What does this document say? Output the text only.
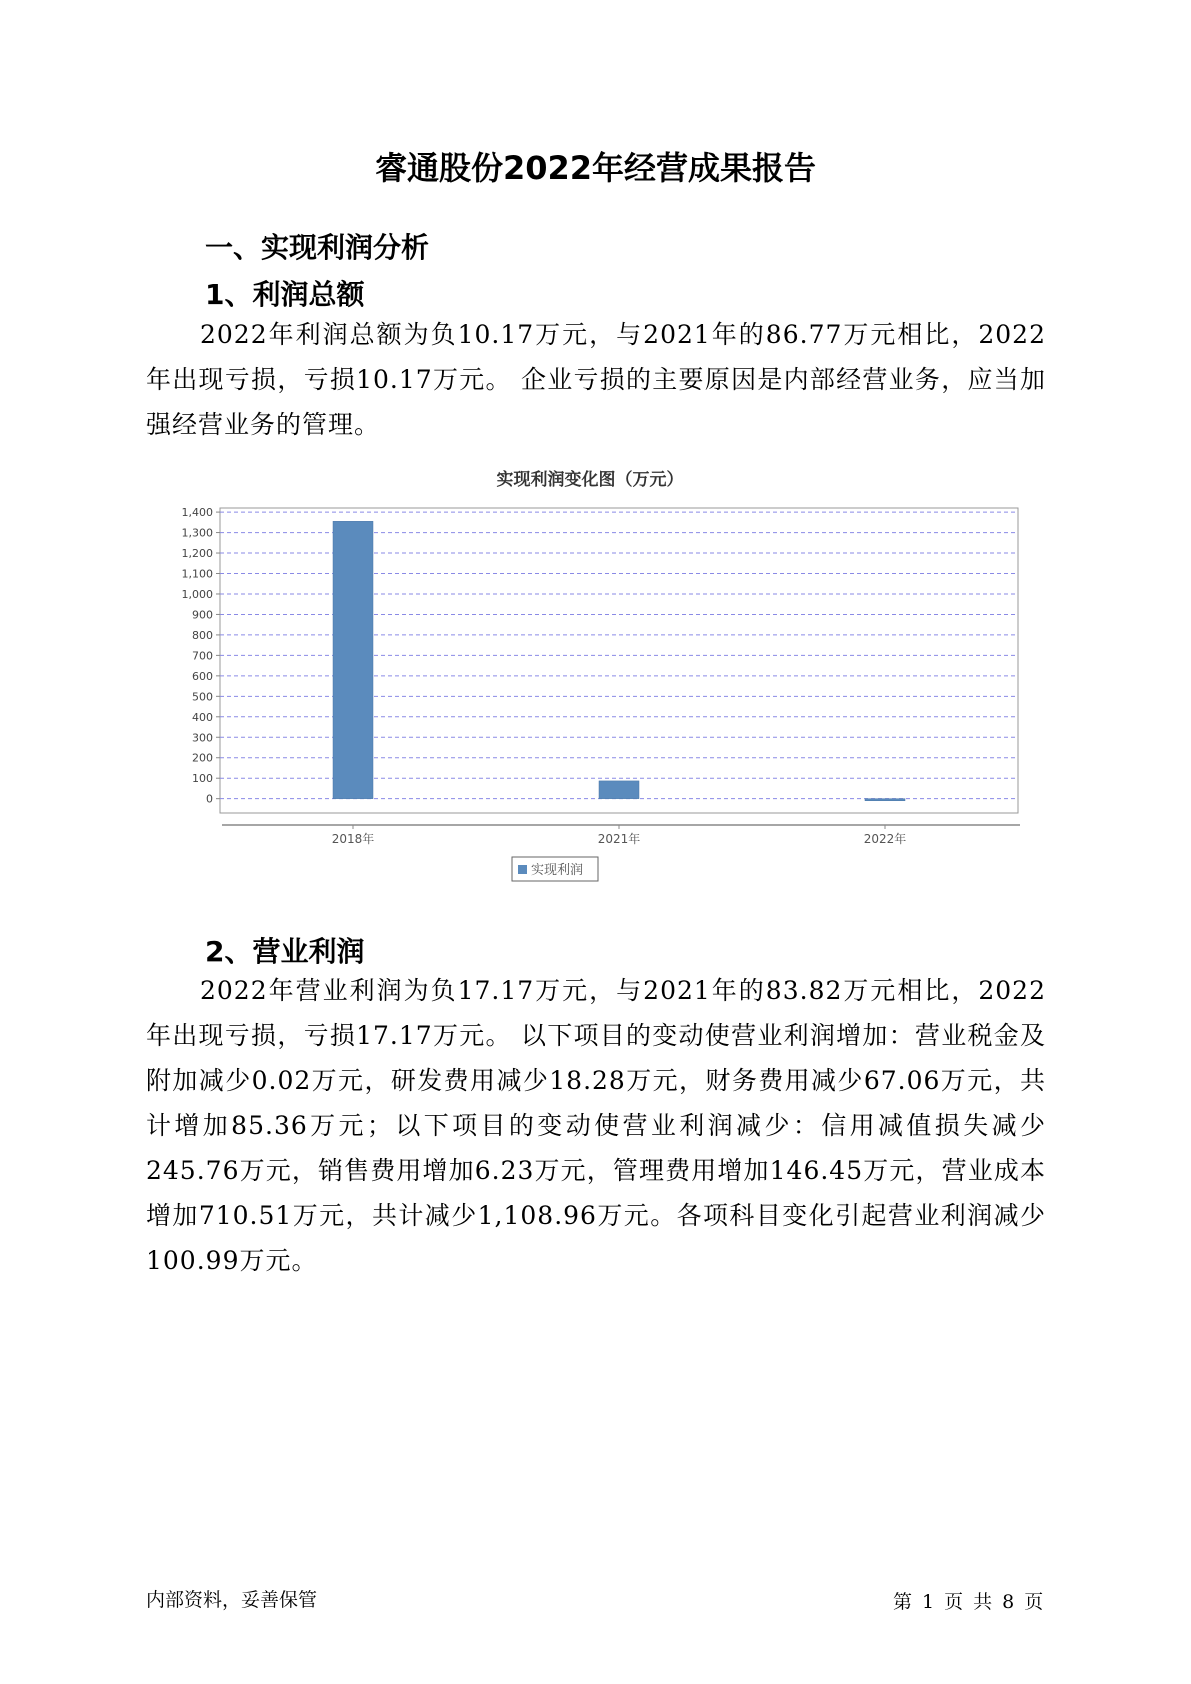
睿通股份2022年经营成果报告
一、实现利润分析
1、利润总额

2022年利润总额为负10.17万元，与2021年的86.77万元相比，2022年出现亏损，亏损10.17万元。 企业亏损的主要原因是内部经营业务，应当加强经营业务的管理。

实现利润变化图（万元）
0
100
200
300
400
500
600
700
800
900
1,000
1,100
1,200
1,300
1,400
2018年	2021年	2022年
实现利润
2、营业利润

2022年营业利润为负17.17万元，与2021年的83.82万元相比，2022年出现亏损，亏损17.17万元。 以下项目的变动使营业利润增加：营业税金及附加减少0.02万元，研发费用减少18.28万元，财务费用减少67.06万元，共计增加85.36万元；以下项目的变动使营业利润减少：信用减值损失减少245.76万元，销售费用增加6.23万元，管理费用增加146.45万元，营业成本增加710.51万元，共计减少1,108.96万元。各项科目变化引起营业利润减少100.99万元。

内部资料，妥善保管	第 1 页 共 8 页
